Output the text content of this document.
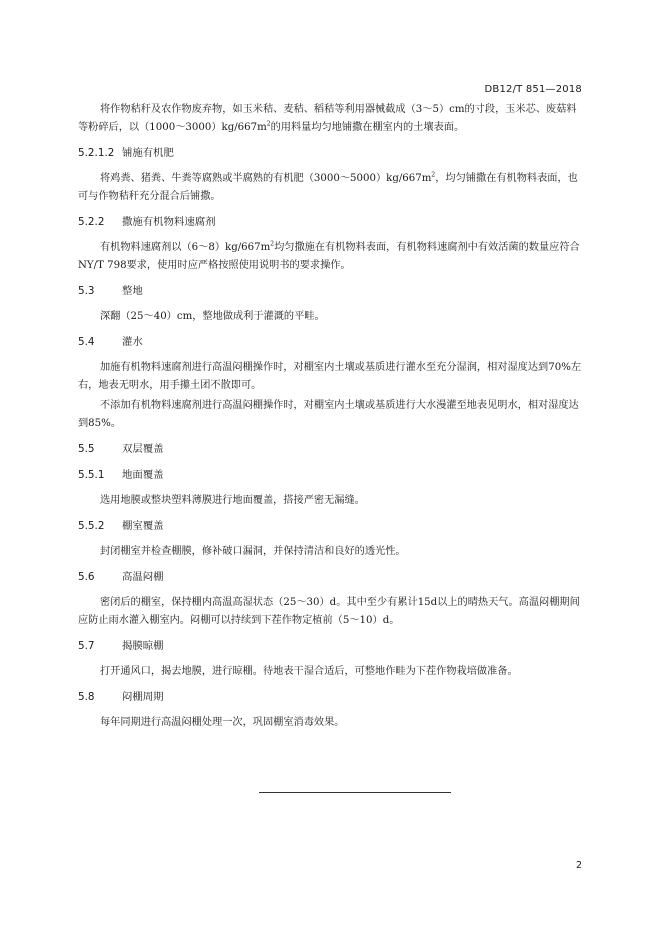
DB12/T 851—2018

将作物秸秆及农作物废弃物，如玉米秸、麦秸、稻秸等利用器械截成（3～5）cm的寸段，玉米芯、废菇料等粉碎后，以$(1000\sim 3000)kg/667m^2$的用料量均匀地铺撒在棚室内的土壤表面。

5.2.1.2 铺施有机肥

将鸡粪、猪粪、牛粪等腐熟或半腐熟的有机肥$(3000\sim 5000)kg/667m^2$，均匀铺撒在有机物料表面，也可与作物秸秆充分混合后铺撒。

5.2.2	撒施有机物料速腐剂

有机物料速腐剂以$(6\sim 8)kg/667m^2$均匀撒施在有机物料表面，有机物料速腐剂中有效活菌的数量应符合NY/T 798要求，使用时应严格按照使用说明书的要求操作。

5.3	整地

深翻（25～40）cm，整地做成利于灌溉的平畦。

5.4	灌水

加施有机物料速腐剂进行高温闷棚操作时，对棚室内土壤或基质进行灌水至充分湿润，相对湿度达到70%左右，地表无明水，用手攥土团不散即可。

不添加有机物料速腐剂进行高温闷棚操作时，对棚室内土壤或基质进行大水漫灌至地表见明水，相对湿度达到85%。

5.5	双层覆盖
5.5.1	地面覆盖

选用地膜或整块塑料薄膜进行地面覆盖，搭接严密无漏缝。

5.5.2	棚室覆盖

封闭棚室并检查棚膜，修补破口漏洞，并保持清洁和良好的透光性。

5.6	高温闷棚

密闭后的棚室，保持棚内高温高湿状态（25～30）d。其中至少有累计15d以上的晴热天气。高温闷棚期间应防止雨水灌入棚室内。闷棚可以持续到下茬作物定植前（5～10）d。

5.7	揭膜晾棚

打开通风口，揭去地膜，进行晾棚。待地表干湿合适后，可整地作畦为下茬作物栽培做准备。

5.8	闷棚周期

每年同期进行高温闷棚处理一次，巩固棚室消毒效果。

2
